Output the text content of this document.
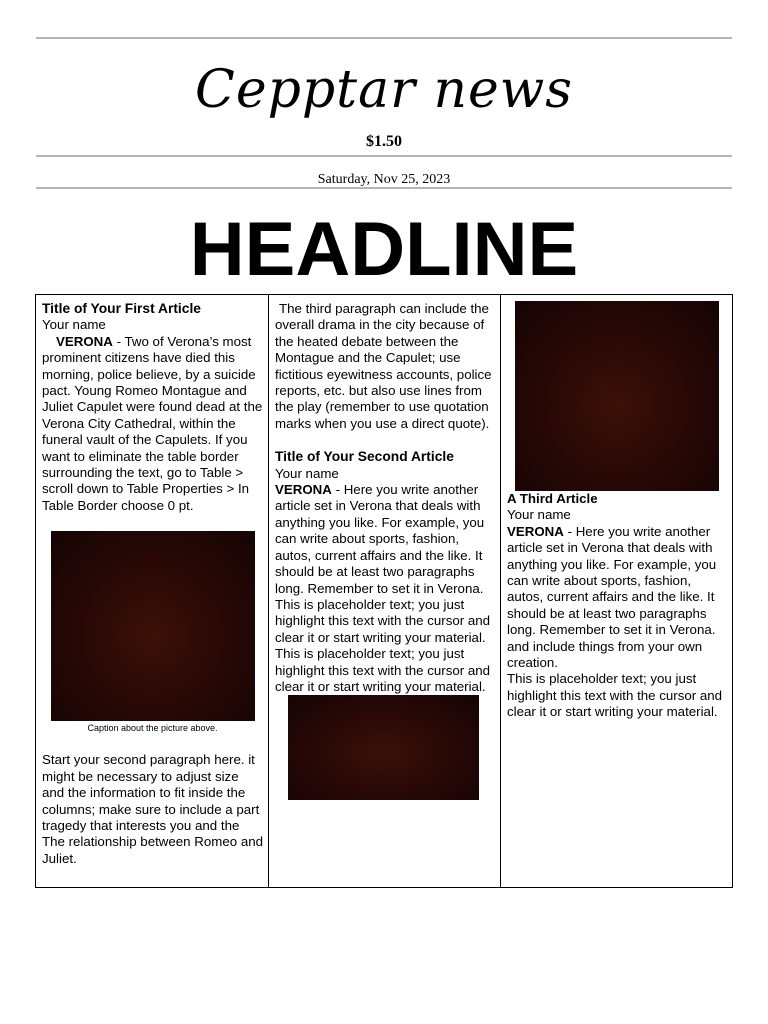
Cepptar news
$1.50
Saturday, Nov 25, 2023
HEADLINE
Title of Your First Article
Your name

VERONA - Two of Verona’s most prominent citizens have died this morning, police believe, by a suicide pact. Young Romeo Montague and Juliet Capulet were found dead at the Verona City Cathedral, within the funeral vault of the Capulets. If you want to eliminate the table border surrounding the text, go to Table > scroll down to Table Properties > In Table Border choose 0 pt.

Caption about the picture above.

Start your second paragraph here. it might be necessary to adjust size and the information to fit inside the columns; make sure to include a part tragedy that interests you and the The relationship between Romeo and Juliet.

The third paragraph can include the overall drama in the city because of the heated debate between the Montague and the Capulet; use fictitious eyewitness accounts, police reports, etc. but also use lines from the play (remember to use quotation marks when you use a direct quote).

Title of Your Second Article
Your name

VERONA - Here you write another article set in Verona that deals with anything you like. For example, you can write about sports, fashion, autos, current affairs and the like. It should be at least two paragraphs long. Remember to set it in Verona.

This is placeholder text; you just highlight this text with the cursor and clear it or start writing your material.

This is placeholder text; you just highlight this text with the cursor and clear it or start writing your material.

A Third Article
Your name

VERONA - Here you write another article set in Verona that deals with anything you like. For example, you can write about sports, fashion, autos, current affairs and the like. It should be at least two paragraphs long. Remember to set it in Verona. and include things from your own creation.

This is placeholder text; you just highlight this text with the cursor and clear it or start writing your material.
